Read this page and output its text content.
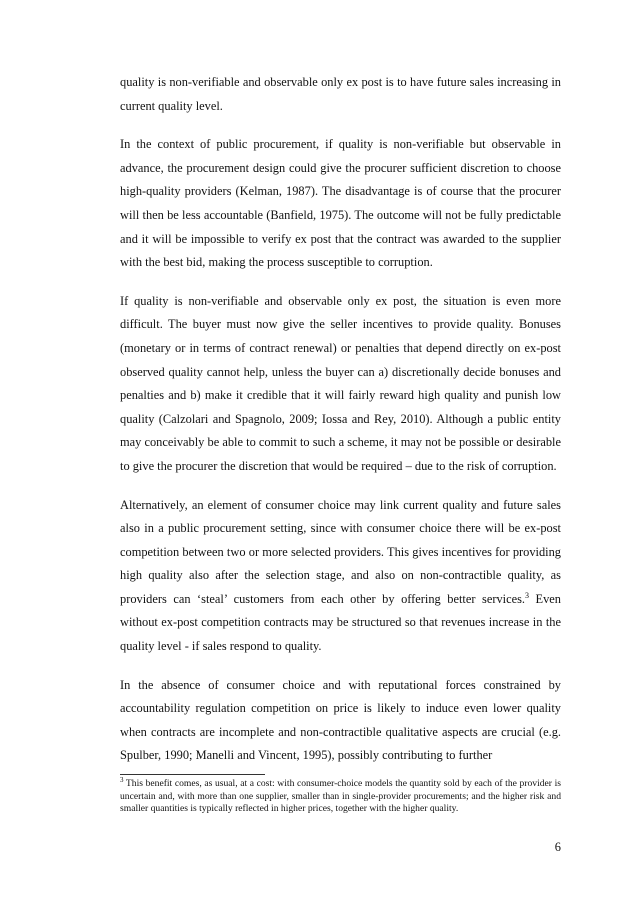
quality is non-verifiable and observable only ex post is to have future sales increasing in current quality level.

In the context of public procurement, if quality is non-verifiable but observable in advance, the procurement design could give the procurer sufficient discretion to choose high-quality providers (Kelman, 1987). The disadvantage is of course that the procurer will then be less accountable (Banfield, 1975). The outcome will not be fully predictable and it will be impossible to verify ex post that the contract was awarded to the supplier with the best bid, making the process susceptible to corruption.

If quality is non-verifiable and observable only ex post, the situation is even more difficult. The buyer must now give the seller incentives to provide quality. Bonuses (monetary or in terms of contract renewal) or penalties that depend directly on ex-post observed quality cannot help, unless the buyer can a) discretionally decide bonuses and penalties and b) make it credible that it will fairly reward high quality and punish low quality (Calzolari and Spagnolo, 2009; Iossa and Rey, 2010). Although a public entity may conceivably be able to commit to such a scheme, it may not be possible or desirable to give the procurer the discretion that would be required – due to the risk of corruption.

Alternatively, an element of consumer choice may link current quality and future sales also in a public procurement setting, since with consumer choice there will be ex-post competition between two or more selected providers. This gives incentives for providing high quality also after the selection stage, and also on non-contractible quality, as providers can ‘steal’ customers from each other by offering better services.$^3$ Even without ex-post competition contracts may be structured so that revenues increase in the quality level - if sales respond to quality.

In the absence of consumer choice and with reputational forces constrained by accountability regulation competition on price is likely to induce even lower quality when contracts are incomplete and non-contractible qualitative aspects are crucial (e.g. Spulber, 1990; Manelli and Vincent, 1995), possibly contributing to further

$^3$ This benefit comes, as usual, at a cost: with consumer-choice models the quantity sold by each of the provider is uncertain and, with more than one supplier, smaller than in single-provider procurements; and the higher risk and smaller quantities is typically reflected in higher prices, together with the higher quality.

6
